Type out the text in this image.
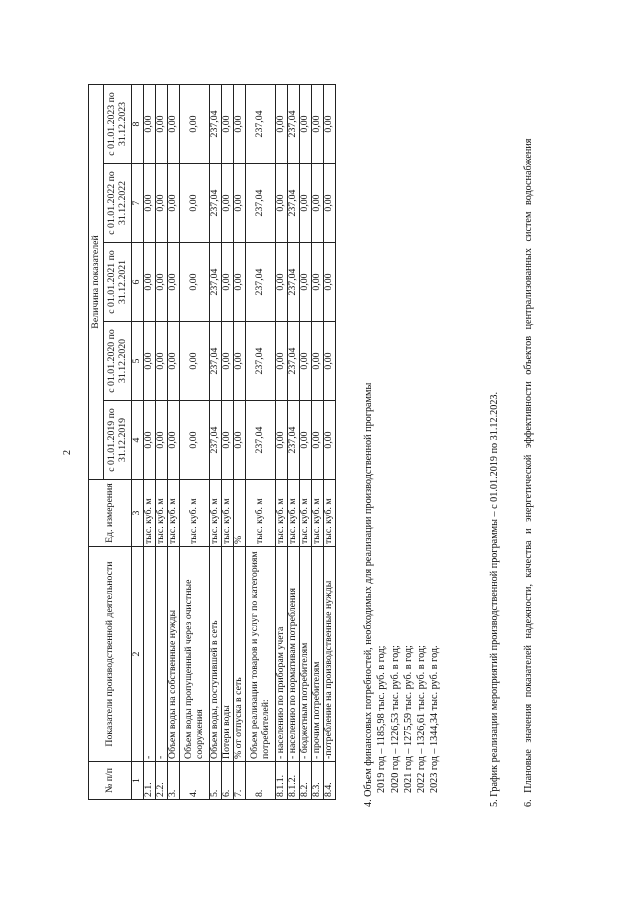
2
№ п/п	Показатели производственной деятельности	Ед. измерения	Величина показателей				
			с 01.01.2019 по 31.12.2019	с 01.01.2020 по 31.12.2020	с 01.01.2021 по 31.12.2021	с 01.01.2022 по 31.12.2022	с 01.01.2023 по 31.12.2023
1	2	3	4	5	6	7	8
2.1.	-	тыс. куб. м	0,00	0,00	0,00	0,00	0,00
2.2.	-	тыс. куб. м	0,00	0,00	0,00	0,00	0,00
3.	Объем воды на собственные нужды	тыс. куб. м	0,00	0,00	0,00	0,00	0,00
4.	Объем воды пропущенный через очистные сооружения	тыс. куб. м	0,00	0,00	0,00	0,00	0,00
5.	Объем воды, поступившей в сеть	тыс. куб. м	237,04	237,04	237,04	237,04	237,04
6.	Потери воды	тыс. куб. м	0,00	0,00	0,00	0,00	0,00
7.	% от отпуска в сеть	%	0,00	0,00	0,00	0,00	0,00
8.	Объем реализации товаров и услуг по категориям потребителей:	тыс. куб. м	237,04	237,04	237,04	237,04	237,04
8.1.1.	- населению по приборам учета	тыс. куб. м	0,00	0,00	0,00	0,00	0,00
8.1.2.	- населению по нормативам потребления	тыс. куб. м	237,04	237,04	237,04	237,04	237,04
8.2.	- бюджетным потребителям	тыс. куб. м	0,00	0,00	0,00	0,00	0,00
8.3.	- прочим потребителям	тыс. куб. м	0,00	0,00	0,00	0,00	0,00
8.4.	-потребление на производственные нужды	тыс. куб. м	0,00	0,00	0,00	0,00	0,00

4. Объем финансовых потребностей, необходимых для реализации производственной программы 2019 год – 1185,98 тыс. руб. в год; 2020 год – 1226,53 тыс. руб. в год; 2021 год – 1275,59 тыс. руб. в год; 2022 год – 1326,61 тыс. руб. в год; 2023 год – 1344,34 тыс. руб. в год.	5. График реализации мероприятий производственной программы – с 01.01.2019 по 31.12.2023. 6. Плановые значения показателей надежности, качества и энергетической эффективности объектов централизованных систем водоснабжения
